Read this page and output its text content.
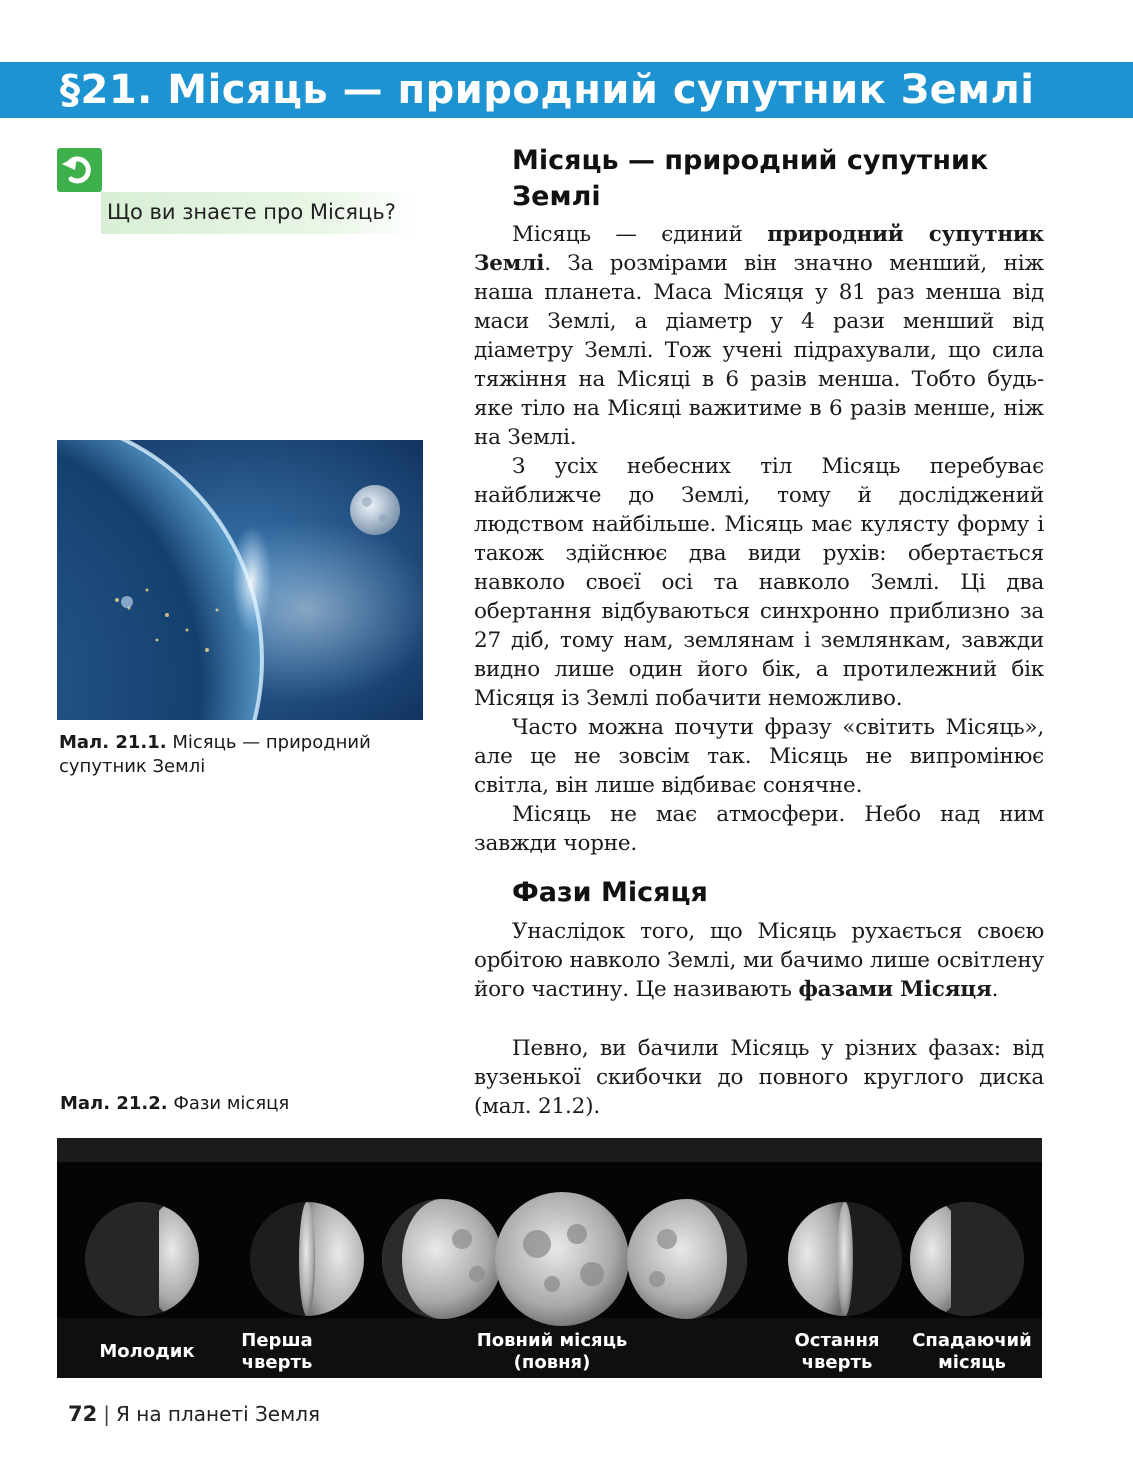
§21. Місяць — природний супутник Землі
Що ви знаєте про Місяць?
Мал. 21.1. Місяць — природний супутник Землі
Місяць — природний супутник
Землі

Місяць — єдиний природний супутник Землі. За розмірами він значно менший, ніж наша планета. Маса Місяця у 81 раз менша від маси Землі, а діаметр у 4 рази менший від діаметру Землі. Тож учені підрахували, що сила тяжіння на Місяці в 6 разів менша. Тобто будь-яке тіло на Місяці важитиме в 6 разів менше, ніж на Землі.

З усіх небесних тіл Місяць перебуває найближче до Землі, тому й досліджений людством найбільше. Місяць має кулясту форму і також здійснює два види рухів: обертається навколо своєї осі та навколо Землі. Ці два обертання відбуваються синхронно приблизно за 27 діб, тому нам, землянам і землянкам, завжди видно лише один його бік, а протилежний бік Місяця із Землі побачити неможливо.

Часто можна почути фразу «світить Місяць», але це не зовсім так. Місяць не випромінює світла, він лише відбиває сонячне.

Місяць не має атмосфери. Небо над ним завжди чорне.

Фази Місяця

Унаслідок того, що Місяць рухається своєю орбітою навколо Землі, ми бачимо лише освітлену його частину. Це називають фазами Місяця.

Певно, ви бачили Місяць у різних фазах: від вузенької скибочки до повного круглого диска (мал. 21.2).

Мал. 21.2. Фази місяця
Молодик
Перша
чверть
Повний місяць
(повня)
Остання
чверть
Спадаючий
місяць
72 | Я на планеті Земля
